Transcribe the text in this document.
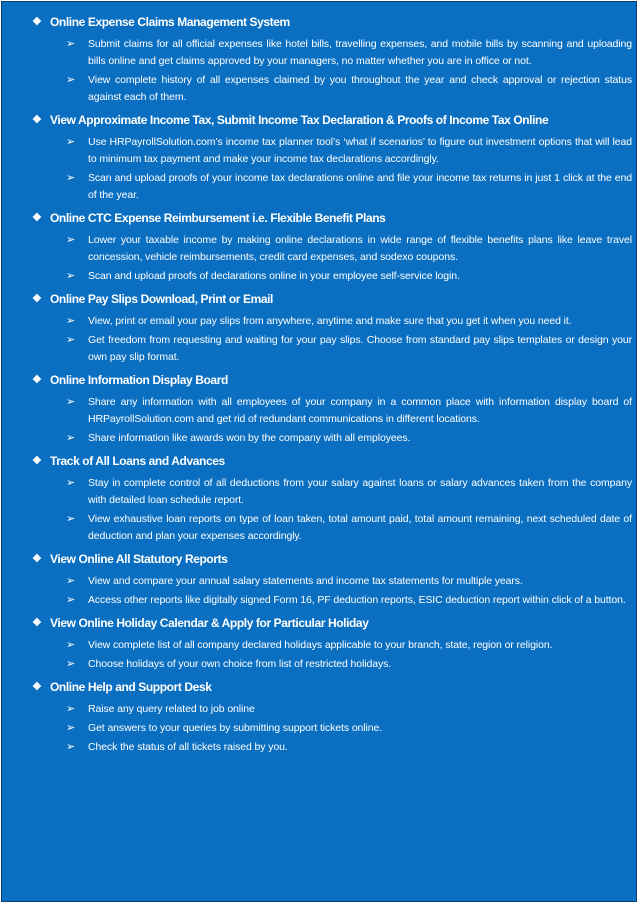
❖ Online Expense Claims Management System
➢ Submit claims for all official expenses like hotel bills, travelling expenses, and mobile bills by scanning and uploading bills online and get claims approved by your managers, no matter whether you are in office or not.
➢ View complete history of all expenses claimed by you throughout the year and check approval or rejection status against each of them.
❖ View Approximate Income Tax, Submit Income Tax Declaration & Proofs of Income Tax Online
➢ Use HRPayrollSolution.com’s income tax planner tool’s ‘what if scenarios’ to figure out investment options that will lead to minimum tax payment and make your income tax declarations accordingly.
➢ Scan and upload proofs of your income tax declarations online and file your income tax returns in just 1 click at the end of the year.
❖ Online CTC Expense Reimbursement i.e. Flexible Benefit Plans
➢ Lower your taxable income by making online declarations in wide range of flexible benefits plans like leave travel concession, vehicle reimbursements, credit card expenses, and sodexo coupons.
➢ Scan and upload proofs of declarations online in your employee self-service login.
❖ Online Pay Slips Download, Print or Email
➢ View, print or email your pay slips from anywhere, anytime and make sure that you get it when you need it.
➢ Get freedom from requesting and waiting for your pay slips. Choose from standard pay slips templates or design your own pay slip format.
❖ Online Information Display Board
➢ Share any information with all employees of your company in a common place with information display board of HRPayrollSolution.com and get rid of redundant communications in different locations.
➢ Share information like awards won by the company with all employees.
❖ Track of All Loans and Advances
➢ Stay in complete control of all deductions from your salary against loans or salary advances taken from the company with detailed loan schedule report.
➢ View exhaustive loan reports on type of loan taken, total amount paid, total amount remaining, next scheduled date of deduction and plan your expenses accordingly.
❖ View Online All Statutory Reports
➢ View and compare your annual salary statements and income tax statements for multiple years.
➢ Access other reports like digitally signed Form 16, PF deduction reports, ESIC deduction report within click of a button.
❖ View Online Holiday Calendar & Apply for Particular Holiday
➢ View complete list of all company declared holidays applicable to your branch, state, region or religion.
➢ Choose holidays of your own choice from list of restricted holidays.
❖ Online Help and Support Desk
➢ Raise any query related to job online
➢ Get answers to your queries by submitting support tickets online.
➢ Check the status of all tickets raised by you.
